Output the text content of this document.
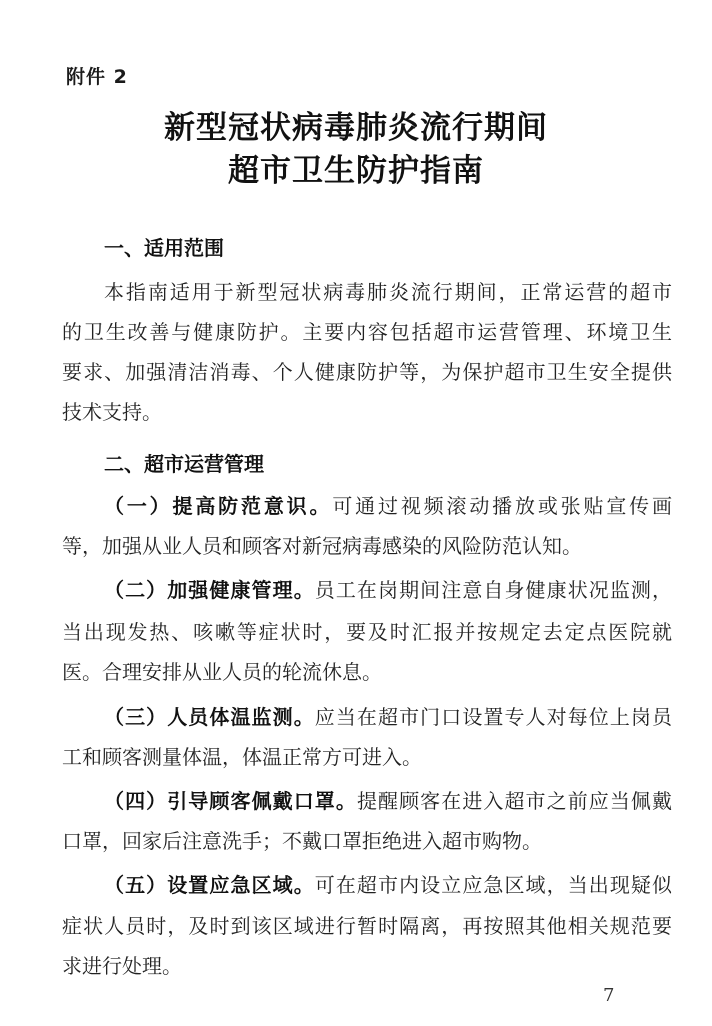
附件 2
新型冠状病毒肺炎流行期间
超市卫生防护指南
一、适用范围
本指南适用于新型冠状病毒肺炎流行期间，正常运营的超市
的卫生改善与健康防护。主要内容包括超市运营管理、环境卫生
要求、加强清洁消毒、个人健康防护等，为保护超市卫生安全提供
技术支持。
二、超市运营管理
（一）提高防范意识。可通过视频滚动播放或张贴宣传画
等，加强从业人员和顾客对新冠病毒感染的风险防范认知。
（二）加强健康管理。员工在岗期间注意自身健康状况监测，
当出现发热、咳嗽等症状时，要及时汇报并按规定去定点医院就
医。合理安排从业人员的轮流休息。
（三）人员体温监测。应当在超市门口设置专人对每位上岗员
工和顾客测量体温，体温正常方可进入。
（四）引导顾客佩戴口罩。提醒顾客在进入超市之前应当佩戴
口罩，回家后注意洗手；不戴口罩拒绝进入超市购物。
（五）设置应急区域。可在超市内设立应急区域，当出现疑似
症状人员时，及时到该区域进行暂时隔离，再按照其他相关规范要
求进行处理。
7
